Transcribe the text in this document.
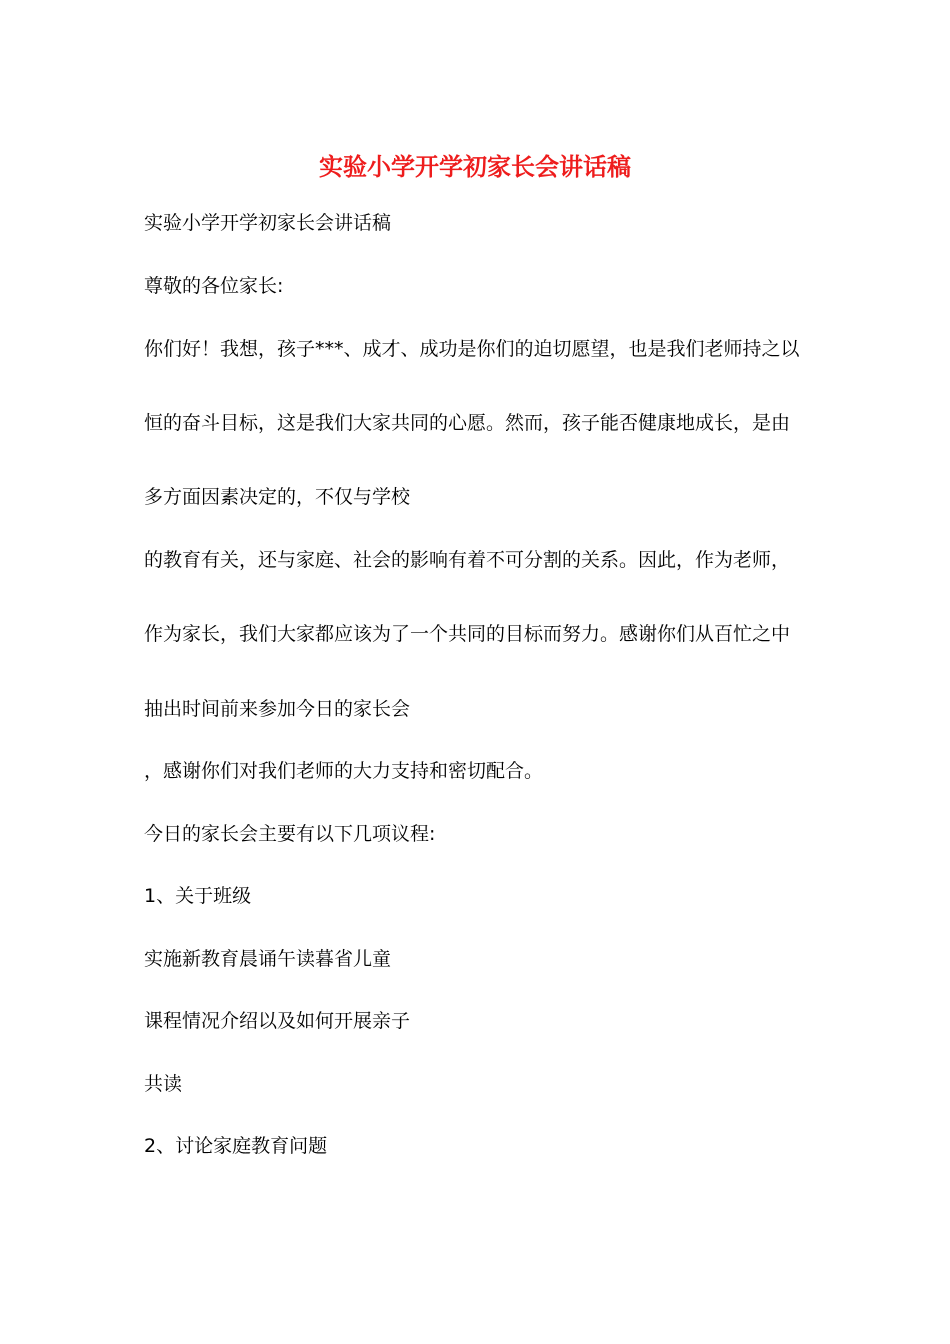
实验小学开学初家长会讲话稿

实验小学开学初家长会讲话稿

尊敬的各位家长:

你们好！我想，孩子***、成才、成功是你们的迫切愿望，也是我们老师持之以

恒的奋斗目标，这是我们大家共同的心愿。然而，孩子能否健康地成长，是由

多方面因素决定的，不仅与学校

的教育有关，还与家庭、社会的影响有着不可分割的关系。因此，作为老师，

作为家长，我们大家都应该为了一个共同的目标而努力。感谢你们从百忙之中

抽出时间前来参加今日的家长会

，感谢你们对我们老师的大力支持和密切配合。

今日的家长会主要有以下几项议程:

1、关于班级

实施新教育晨诵午读暮省儿童

课程情况介绍以及如何开展亲子

共读

2、讨论家庭教育问题
